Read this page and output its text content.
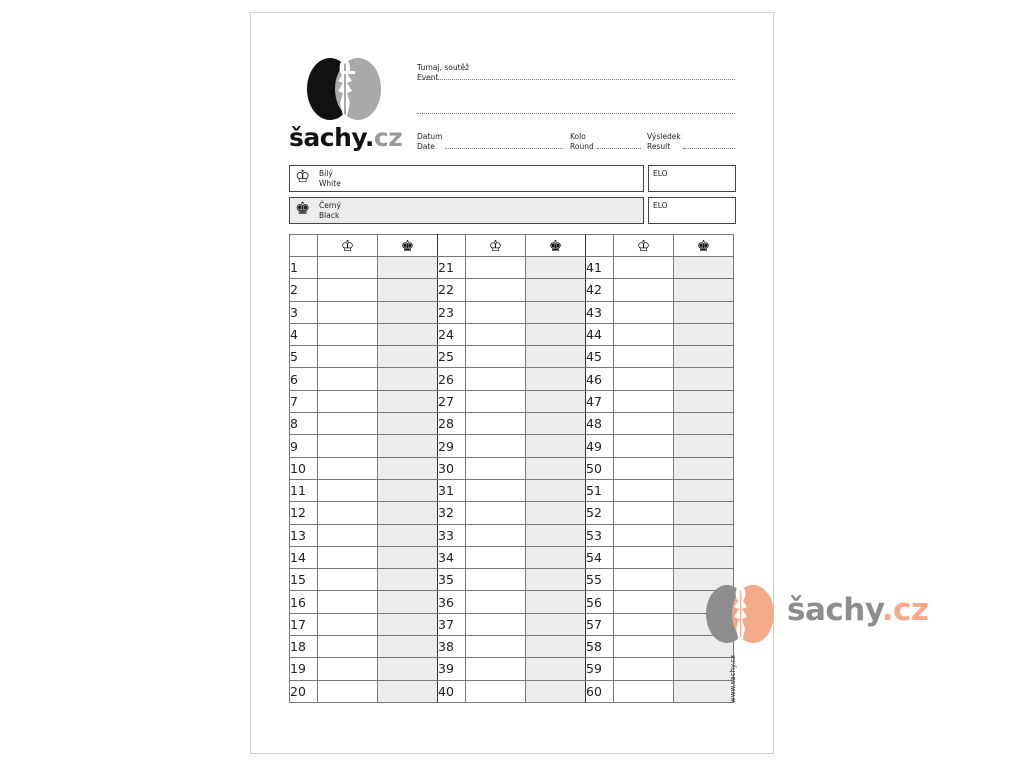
šachy.cz
Turnaj, soutěž
Event
Datum
Date
Kolo
Round
Výsledek
Result
♔ Bílý
White
ELO
♚ Černý
Black
ELO
	♔	♚		♔	♚		♔	♚
1			21			41		
2			22			42		
3			23			43		
4			24			44		
5			25			45		
6			26			46		
7			27			47		
8			28			48		
9			29			49		
10			30			50		
11			31			51		
12			32			52		
13			33			53		
14			34			54		
15			35			55		
16			36			56		
17			37			57		
18			38			58		
19			39			59		
20			40			60			www.sachy.cz
šachy.cz
